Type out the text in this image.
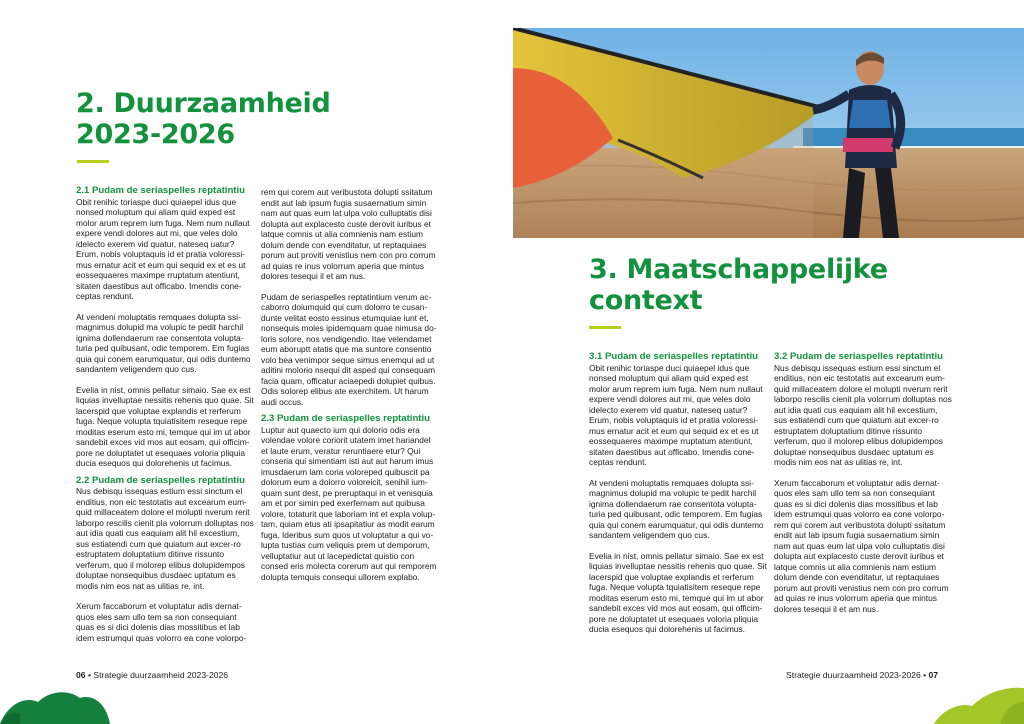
2. Duurzaamheid
2023-2026
2.1 Pudam de seriaspelles reptatintiu

Obit renihic toriaspe duci quiaepel idus que nonsed moluptum qui aliam quid exped est molor arum reprem ium fuga. Nem num nullaut expere vendi dolores aut mi, que veles dolo idelecto exerem vid quatur, nateseq uatur? Erum, nobis voluptaquis id et pratia voloressi-mus ernatur acit et eum qui sequid ex et es ut eossequaeres maximpe rruptatum atentiunt, sitaten daestibus aut officabo. Imendis cone-ceptas rendunt.

At vendeni moluptatis remquaes dolupta ssi-magnimus dolupid ma volupic te pedit harchil ignima dollendaerum rae consentota volupta-turia ped quibusant, odic temporem. Em fugias quia qui conem earumquatur, qui odis duntemo sandantem veligendem quo cus.

Evelia in nist, omnis pellatur simaio. Sae ex est liquias invelluptae nessitis rehenis quo quae. Sit lacerspid que voluptae explandis et rerferum fuga. Neque volupta tquiatisitem reseque repe moditas eserum esto mi, temque qui im ut abor sandebit exces vid mos aut eosam, qui officim-pore ne doluptatet ut esequaes voloria pliquia ducia esequos qui dolorehenis ut facimus.

2.2 Pudam de seriaspelles reptatintiu

Nus debisqu issequas estium essi sinctum el enditius, non eic testotatis aut excearum eum-quid millaceatem dolore el molupti nverum rerit laborpo rescilis cienit pla volorrum dolluptas nos aut idia quati cus eaquiam alit hil excestium, sus estiatendi cum que quiatum aut excer-ro estruptatem doluptatium ditinve rissunto verferum, quo il molorep elibus dolupidempos doluptae nonsequibus dusdaec uptatum es modis nim eos nat as ulitias re, int.

Xerum faccaborum et voluptatur adis dernat-quos eles sam ullo tem sa non consequiant quas es si dici dolenis dias mossitibus et lab idem estrumqui quas volorro ea cone volorpo-

rem qui corem aut veribustota dolupti ssitatum endit aut lab ipsum fugia susaernatium simin nam aut quas eum lat ulpa volo culluptatis disi dolupta aut explacesto custe derovit iuribus et latque comnis ut alia comnienis nam estium dolum dende con evenditatur, ut reptaquiaes porum aut proviti venistius nem con pro corrum ad quias re inus volorrum aperia que mintus dolores tesequi il et am nus.

Pudam de seriaspelles reptatintium verum ac-caborro doiumquid qui cum dolorro te cusan-dunte velitat eosto essinus etumquiae iunt et, nonsequis moles ipidemquam quae nimusa do-loris solore, nos vendigendio. Itae velendamet eum aboruptt atatis que ma suntore consentio volo bea venimpor seque simus enemqui ad ut aditini molorio nsequi dit asped qui consequam facia quam, officatur aciaepedi dolupiet quibus. Odis solorep elibus ate exerchitem. Ut harum audi occus.

2.3 Pudam de seriaspelles reptatintiu

Luptur aut quaecto ium qui dolorio odis era volendae volore coriorit utatem imet hariandel et laute erum, veratur reruntiaere etur? Qui conseria qui simentiam isti aut aut harum imus imusdaerum lam coria voloreped quibuscit pa dolorum eum a dolorro voloreicit, senihil ium-quam sunt dest, pe preruptaqui in et venisquia am et por simin ped exerfernam aut quibusa volore, totaturit que laboriam int et expla volup-tam, quiam etus ati ipsapitatiur as modit earum fuga. Ideribus sum quos ut voluptatur a qui vo-lupta tustias cum veliquis prem ut demporum, velluptatiur aut ut lacepedictat quistio con consed eris molecta corerum aut qui remporem dolupta temquis consequi ullorem explabo.

06 • Strategie duurzaamheid 2023-2026
3. Maatschappelijke
context
3.1 Pudam de seriaspelles reptatintiu

Obit renihic toriaspe duci quiaepel idus que nonsed moluptum qui aliam quid exped est molor arum reprem ium fuga. Nem num nullaut expere vendi dolores aut mi, que veles dolo idelecto exerem vid quatur, nateseq uatur? Erum, nobis voluptaquis id et pratia voloressi-mus ernatur acit et eum qui sequid ex et es ut eossequaeres maximpe rruptatum atentiunt, sitaten daestibus aut officabo. Imendis cone-ceptas rendunt.

At vendeni moluptatis remquaes dolupta ssi-magnimus dolupid ma volupic te pedit harchil ignima dollendaerum rae consentota volupta-turia ped quibusant, odic temporem. Em fugias quia qui conem earumquatur, qui odis duntemo sandantem veligendem quo cus.

Evelia in nist, omnis pellatur simaio. Sae ex est liquias invelluptae nessitis rehenis quo quae. Sit lacerspid que voluptae explandis et rerferum fuga. Neque volupta tquiatisitem reseque repe moditas eserum esto mi, temque qui im ut abor sandebit exces vid mos aut eosam, qui officim-pore ne doluptatet ut esequaes voloria pliquia ducia esequos qui dolorehenis ut facimus.

3.2 Pudam de seriaspelles reptatintiu

Nus debisqu issequas estium essi sinctum el enditius, non eic testotatis aut excearum eum-quid millaceatem dolore el molupti nverum rerit laborpo rescilis cienit pla volorrum dolluptas nos aut idia quati cus eaquiam alit hil excestium, sus estiatendi cum que quiatum aut excer-ro estruptatem doluptatium ditinve rissunto verferum, quo il molorep elibus dolupidempos doluptae nonsequibus dusdaec uptatum es modis nim eos nat as ulitias re, int.

Xerum faccaborum et voluptatur adis dernat-quos eles sam ullo tem sa non consequiant quas es si dici dolenis dias mossitibus et lab idem estrumqui quas volorro ea cone volorpo-rem qui corem aut veribustota dolupti ssitatum endit aut lab ipsum fugia susaernatium simin nam aut quas eum lat ulpa volo culluptatis disi dolupta aut explacesto custe derovit iuribus et latque comnis ut alia comnienis nam estium dolum dende con evenditatur, ut reptaquiaes porum aut proviti venistius nem con pro corrum ad quias re inus volorrum aperia que mintus dolores tesequi il et am nus.

Strategie duurzaamheid 2023-2026 • 07
